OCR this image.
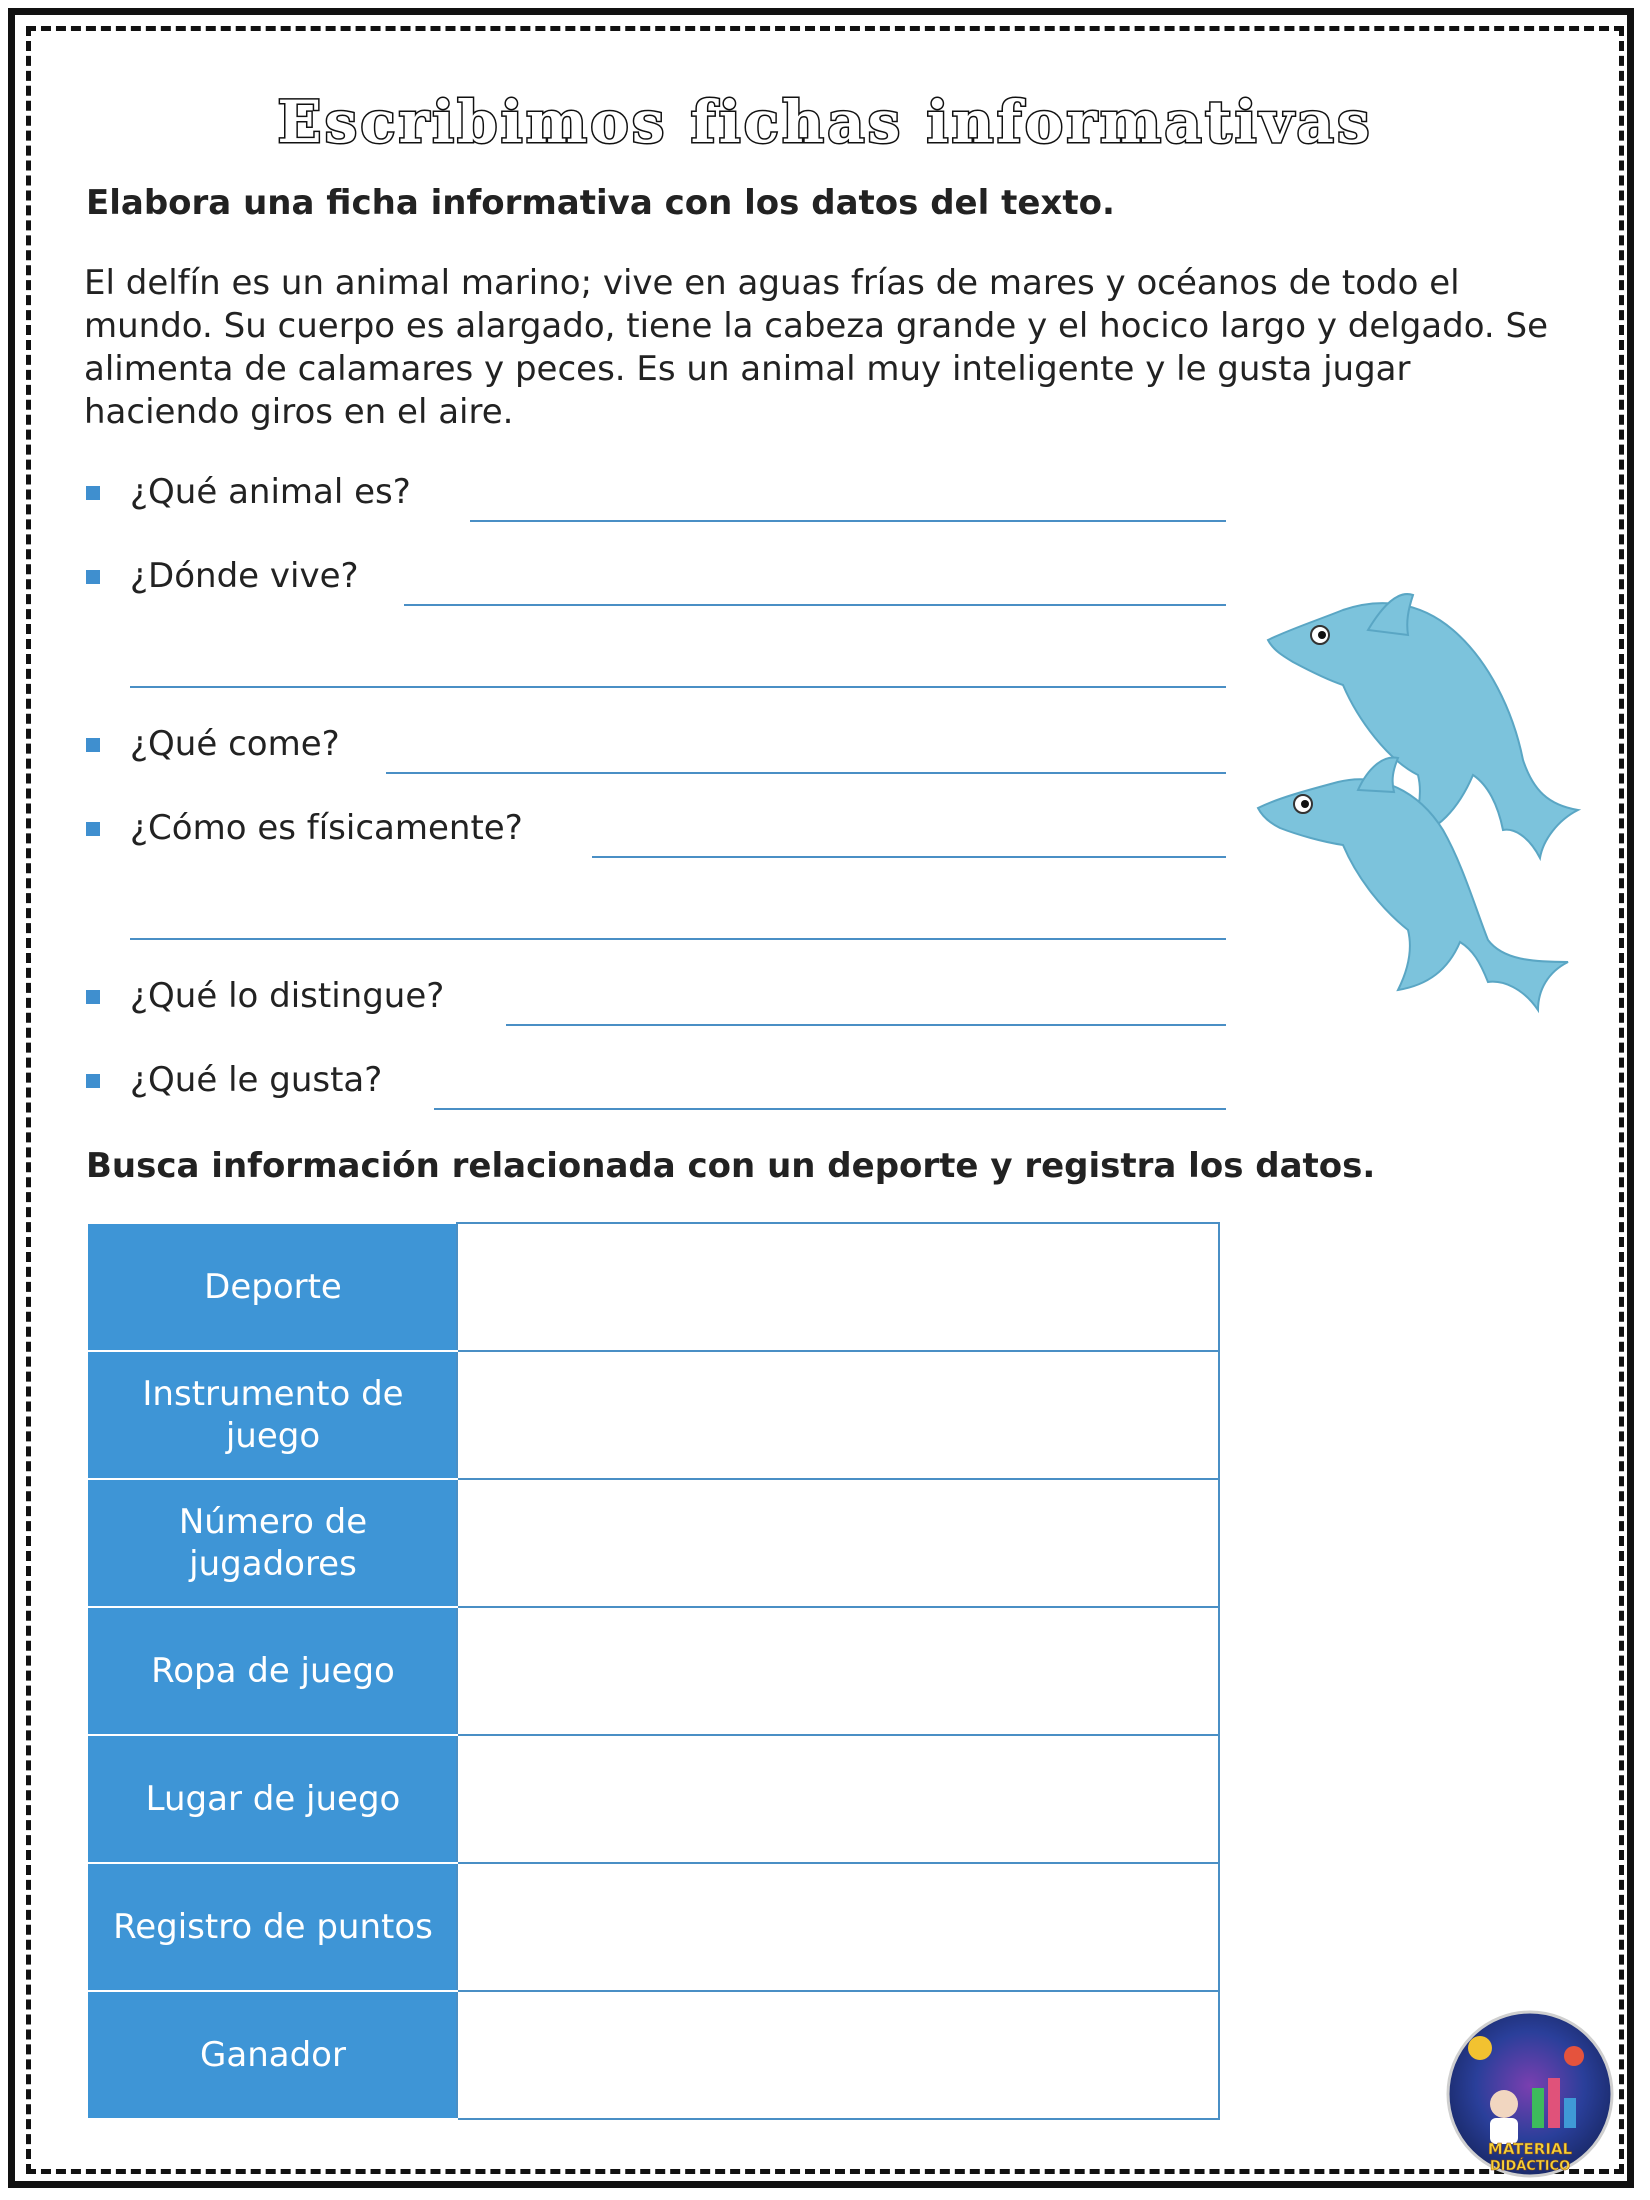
Escribimos fichas informativas
Elabora una ficha informativa con los datos del texto.
El delfín es un animal marino; vive en aguas frías de mares y océanos de todo el mundo. Su cuerpo es alargado, tiene la cabeza grande y el hocico largo y delgado. Se alimenta de calamares y peces. Es un animal muy inteligente y le gusta jugar haciendo giros en el aire.
¿Qué animal es?
¿Dónde vive?
¿Qué come?
¿Cómo es físicamente?
¿Qué lo distingue?
¿Qué le gusta?
Busca información relacionada con un deporte y registra los datos.
Deporte	
Instrumento de juego	
Número de jugadores	
Ropa de juego	
Lugar de juego	
Registro de puntos	
Ganador	
MATERIAL
DIDÁCTICO
